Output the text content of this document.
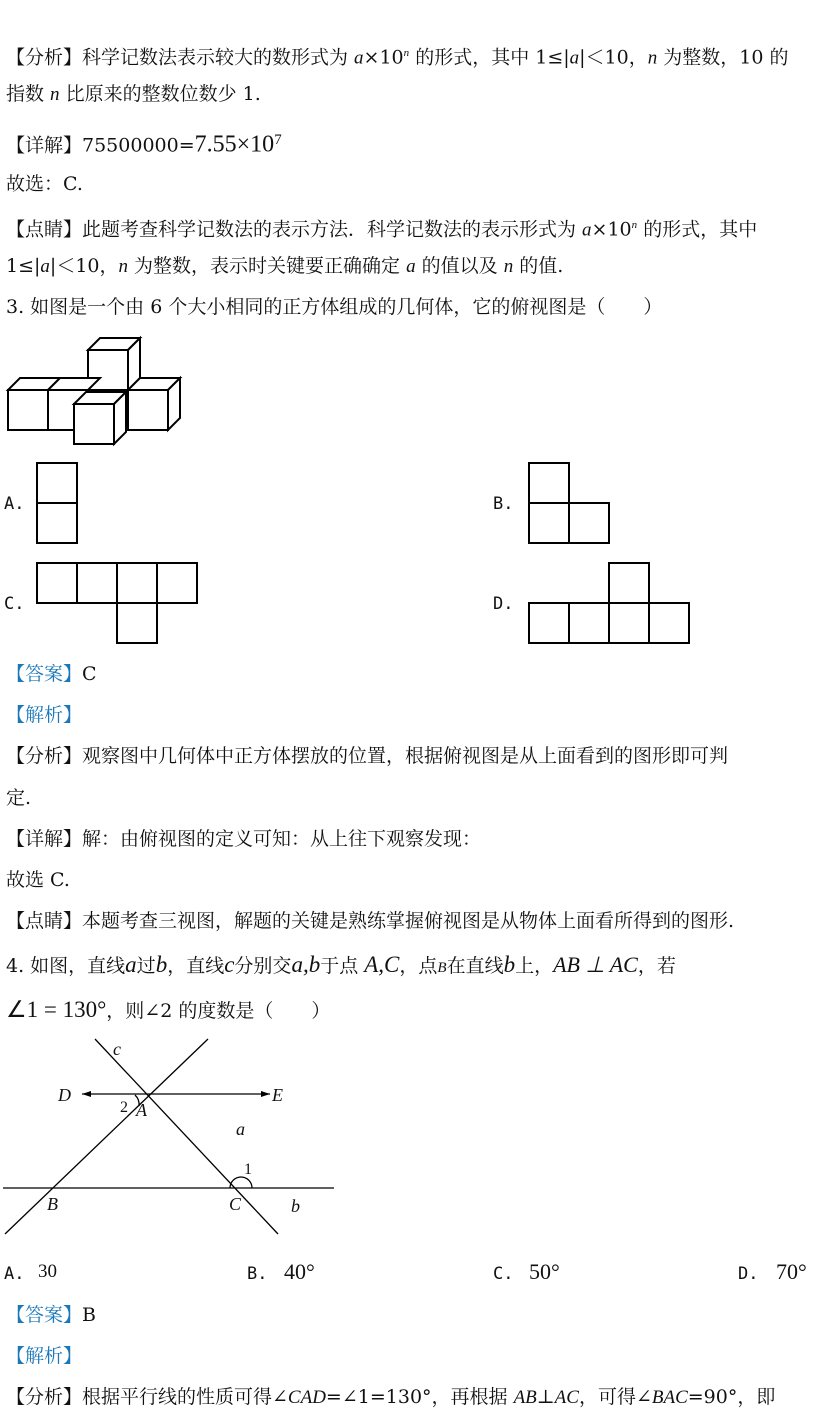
【分析】科学记数法表示较大的数形式为 $a\times 10^n$ 的形式，其中 1≤|a|＜10，n 为整数，10 的
指数 n 比原来的整数位数少 1.
【详解】$75500000=7.55\times 10^7$
故选：C.
【点睛】此题考查科学记数法的表示方法．科学记数法的表示形式为 $a\times 10^n$ 的形式，其中
1≤|a|＜10，n 为整数，表示时关键要正确确定 a 的值以及 n 的值.
3. 如图是一个由 6 个大小相同的正方体组成的几何体，它的俯视图是（　　）
A.	B.
C.	D.
【答案】C
【解析】
【分析】观察图中几何体中正方体摆放的位置，根据俯视图是从上面看到的图形即可判
定.
【详解】解：由俯视图的定义可知：从上往下观察发现：
故选 C.
【点睛】本题考查三视图，解题的关键是熟练掌握俯视图是从物体上面看所得到的图形.
4. 如图，直线a过b，直线c分别交a,b于点 A,C，点B在直线b上，AB ⊥ AC，若
∠1 = 130°，则∠2 的度数是（　　）
c
D	E
a
A
B	C	b
2
1
A. 30	B. 40°	C. 50°	D. 70°
【答案】B
【解析】
【分析】根据平行线的性质可得∠CAD=∠1=130°，再根据 AB⊥AC，可得∠BAC=90°，即
